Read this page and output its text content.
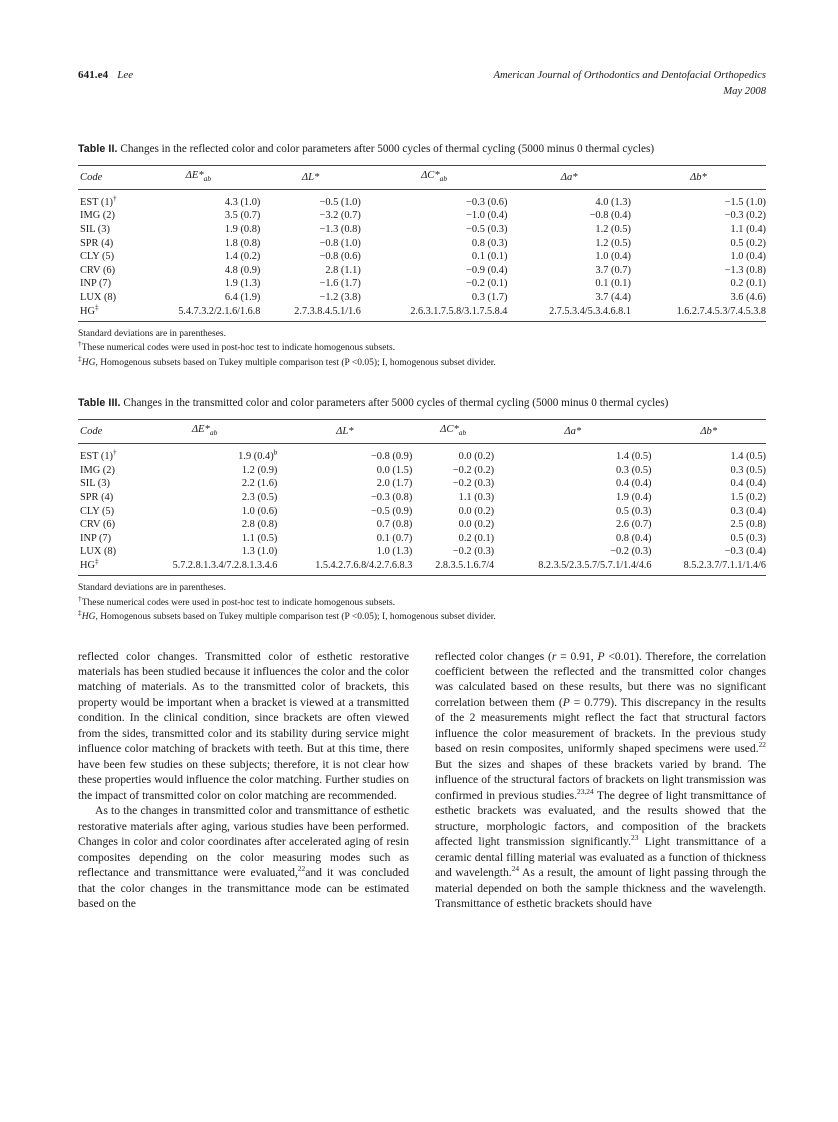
641.e4 Lee	American Journal of Orthodontics and Dentofacial Orthopedics
May 2008
Table II. Changes in the reflected color and color parameters after 5000 cycles of thermal cycling (5000 minus 0 thermal cycles)
Code	$\Delta E*_{ab}$	ΔL*	$\Delta C*_{ab}$	Δa*	Δb*
EST (1)†	4.3 (1.0)	−0.5 (1.0)	−0.3 (0.6)	4.0 (1.3)	−1.5 (1.0)
IMG (2)	3.5 (0.7)	−3.2 (0.7)	−1.0 (0.4)	−0.8 (0.4)	−0.3 (0.2)
SIL (3)	1.9 (0.8)	−1.3 (0.8)	−0.5 (0.3)	1.2 (0.5)	1.1 (0.4)
SPR (4)	1.8 (0.8)	−0.8 (1.0)	0.8 (0.3)	1.2 (0.5)	0.5 (0.2)
CLY (5)	1.4 (0.2)	−0.8 (0.6)	0.1 (0.1)	1.0 (0.4)	1.0 (0.4)
CRV (6)	4.8 (0.9)	2.8 (1.1)	−0.9 (0.4)	3.7 (0.7)	−1.3 (0.8)
INP (7)	1.9 (1.3)	−1.6 (1.7)	−0.2 (0.1)	0.1 (0.1)	0.2 (0.1)
LUX (8)	6.4 (1.9)	−1.2 (3.8)	0.3 (1.7)	3.7 (4.4)	3.6 (4.6)
HG‡	5.4.7.3.2/2.1.6/1.6.8	2.7.3.8.4.5.1/1.6	2.6.3.1.7.5.8/3.1.7.5.8.4	2.7.5.3.4/5.3.4.6.8.1	1.6.2.7.4.5.3/7.4.5.3.8
Standard deviations are in parentheses.
†These numerical codes were used in post-hoc test to indicate homogenous subsets.
‡HG, Homogenous subsets based on Tukey multiple comparison test (P <0.05); I, homogenous subset divider.
Table III. Changes in the transmitted color and color parameters after 5000 cycles of thermal cycling (5000 minus 0 thermal cycles)
Code	$\Delta E*_{ab}$	ΔL*	$\Delta C*_{ab}$	Δa*	Δb*
EST (1)†	1.9 $(0.4)^b$	−0.8 (0.9)	0.0 (0.2)	1.4 (0.5)	1.4 (0.5)
IMG (2)	1.2 (0.9)	0.0 (1.5)	−0.2 (0.2)	0.3 (0.5)	0.3 (0.5)
SIL (3)	2.2 (1.6)	2.0 (1.7)	−0.2 (0.3)	0.4 (0.4)	0.4 (0.4)
SPR (4)	2.3 (0.5)	−0.3 (0.8)	1.1 (0.3)	1.9 (0.4)	1.5 (0.2)
CLY (5)	1.0 (0.6)	−0.5 (0.9)	0.0 (0.2)	0.5 (0.3)	0.3 (0.4)
CRV (6)	2.8 (0.8)	0.7 (0.8)	0.0 (0.2)	2.6 (0.7)	2.5 (0.8)
INP (7)	1.1 (0.5)	0.1 (0.7)	0.2 (0.1)	0.8 (0.4)	0.5 (0.3)
LUX (8)	1.3 (1.0)	1.0 (1.3)	−0.2 (0.3)	−0.2 (0.3)	−0.3 (0.4)
HG‡	5.7.2.8.1.3.4/7.2.8.1.3.4.6	1.5.4.2.7.6.8/4.2.7.6.8.3	2.8.3.5.1.6.7/4	8.2.3.5/2.3.5.7/5.7.1/1.4/4.6	8.5.2.3.7/7.1.1/1.4/6
Standard deviations are in parentheses.
†These numerical codes were used in post-hoc test to indicate homogenous subsets.
‡HG, Homogenous subsets based on Tukey multiple comparison test (P <0.05); I, homogenous subset divider.

reflected color changes. Transmitted color of esthetic restorative materials has been studied because it influences the color and the color matching of materials. As to the transmitted color of brackets, this property would be important when a bracket is viewed at a transmitted condition. In the clinical condition, since brackets are often viewed from the sides, transmitted color and its stability during service might influence color matching of brackets with teeth. But at this time, there have been few studies on these subjects; therefore, it is not clear how these properties would influence the color matching. Further studies on the impact of transmitted color on color matching are recommended.

As to the changes in transmitted color and transmittance of esthetic restorative materials after aging, various studies have been performed. Changes in color and color coordinates after accelerated aging of resin composites depending on the color measuring modes such as reflectance and transmittance were evaluated,$^{22}$and it was concluded that the color changes in the transmittance mode can be estimated based on the

reflected color changes (r = 0.91, P <0.01). Therefore, the correlation coefficient between the reflected and the transmitted color changes was calculated based on these results, but there was no significant correlation between them (P = 0.779). This discrepancy in the results of the 2 measurements might reflect the fact that structural factors influence the color measurement of brackets. In the previous study based on resin composites, uniformly shaped specimens were used.$^{22}$ But the sizes and shapes of these brackets varied by brand. The influence of the structural factors of brackets on light transmission was confirmed in previous studies.$^{23,24}$ The degree of light transmittance of esthetic brackets was evaluated, and the results showed that the structure, morphologic factors, and composition of the brackets affected light transmission significantly.$^{23}$ Light transmittance of a ceramic dental filling material was evaluated as a function of thickness and wavelength.$^{24}$ As a result, the amount of light passing through the material depended on both the sample thickness and the wavelength. Transmittance of esthetic brackets should have
